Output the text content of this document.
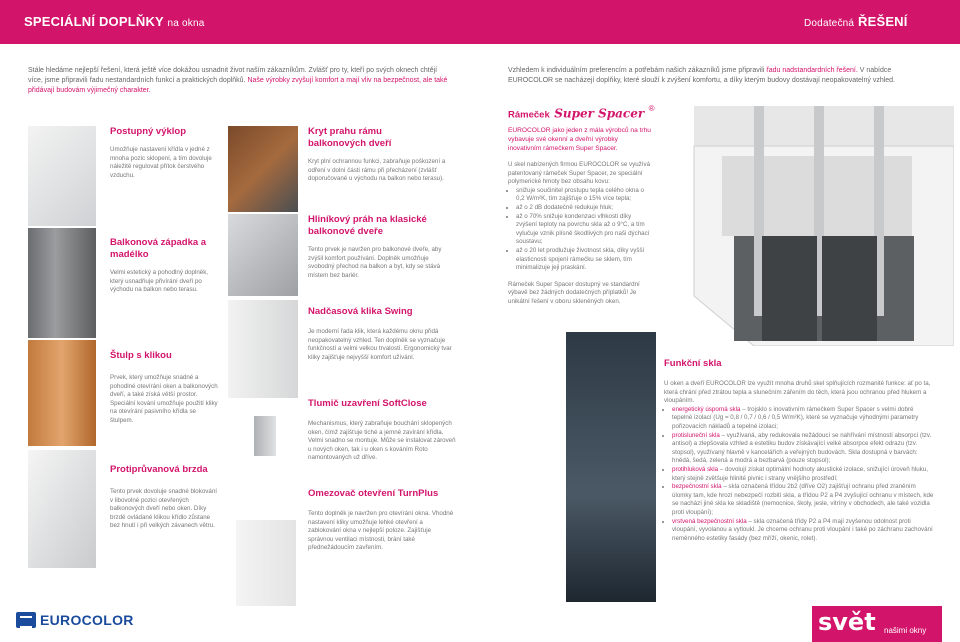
SPECIÁLNÍ DOPLŇKY na okna	Dodatečná ŘEŠENÍ
Stále hledáme nejlepší řešení, která ještě více dokážou usnadnit život naším zákazníkům. Zvlášť pro ty, kteří po svých oknech chtějí více, jsme připravili řadu nestandardních funkcí a praktických doplňků. Naše výrobky zvyšují komfort a mají vliv na bezpečnost, ale také přidávají budovám výjimečný charakter.
Vzhledem k individuálním preferencím a potřebám našich zákazníků jsme připravili řadu nadstandardních řešení. V nabídce EUROCOLOR se nacházejí doplňky, které slouží k zvýšení komfortu, a díky kterým budovy dostávají neopakovatelný vzhled.
Postupný výklop
Umožňuje nastavení křídla v jedné z mnoha pozic sklopení, a tím dovoluje náležitě regulovat přítok čerstvého vzduchu.
Balkonová západka a madélko
Velmi estetický a pohodlný doplněk, který usnadňuje přivírání dveří po východu na balkon nebo terasu.
Štulp s klikou
Prvek, který umožňuje snadné a pohodlné otevírání oken a balkonových dveří, a také získá větší prostor. Speciální kování umožňuje použití kliky na otevírání pasivního křídla se štulpem.
Protiprůvanová brzda
Tento prvek dovoluje snadné blokování v libovolné pozici otevřených balkonových dveří nebo oken. Díky brzdě ovládané klikou křídlo zůstane bez hnutí i při velkých závanech větru.
Kryt prahu rámu balkonových dveří
Kryt plní ochrannou funkci, zabraňuje poškození a odření v dolní části rámu při přecházení (zvlášť doporučované u východu na balkon nebo terasu).
Hliníkový práh na klasické balkonové dveře
Tento prvek je navržen pro balkonové dveře, aby zvýšil komfort používání. Doplněk umožňuje svobodný přechod na balkon a byt, kdy se stává místem bez bariér.
Nadčasová klika Swing
Je moderní řada klik, která každému oknu přidá neopakovatelný vzhled. Ten doplněk se vyznačuje funkčností a velmi velkou trvalostí. Ergonomický tvar kliky zajišťuje nejvyšší komfort užívání.
Tlumič uzavření SoftClose
Mechanismus, který zabraňuje bouchání sklopených oken, čímž zajišťuje tiché a jemné zavírání křídla. Velmi snadno se montuje. Může se instalovat zároveň u nových oken, tak i u oken s kováním Roto namontovaných už dříve.
Omezovač otevření TurnPlus
Tento doplněk je navržen pro otevírání okna. Vhodné nastavení kliky umožňuje lehké otevření a zablokování okna v nejlepší poloze. Zajišťuje správnou ventilaci místnosti, brání také přednežádoucím zavřením.
Rámeček Super Spacer ®
EUROCOLOR jako jeden z mála výrobců na trhu vybavuje své okenní a dveřní výrobky inovativním rámečkem Super Spacer.
U skel nabízených firmou EUROCOLOR se využívá patentovaný rámeček Super Spacer, ze speciální polymerické hmoty bez obsahu kovu:
• snižuje součinitel prostupu tepla celého okna o 0,2 W/m²K, tím zajišťuje o 15% více tepla;
• až o 2 dB dodatečně redukuje hluk;
• až o 70% snižuje kondenzaci vlhkosti díky zvýšení teploty na povrchu skla až o 9°C, a tím vylučuje vznik plísně škodlivých pro naši dýchací soustavu;
• až o 20 let prodlužuje životnost skla, díky vyšší elasticnosti spojení rámečku se sklem, tím minimalizuje jeji praskání.
Rámeček Super Spacer dostupný ve standardní výbavě bez žádných dodatečných příplatků! Je unikátní řešení v oboru skleněných oken.
Funkční skla
U oken a dveří EUROCOLOR lze využít mnoha druhů skel splňujících rozmanité funkce: ať po ta, která chrání před ztrátou tepla a slunečním zářením do těch, která jsou ochranou před hlukem a vloupáním.
• energetický úsporná skla – trojsklo s inovativním rámečkem Super Spacer s velmi dobré tepelné izolací (Ug = 0,8 / 0,7 / 0,6 / 0,5 W/m²K), které se vyznačuje výhodnými parametry pořizovacích nákladů a tepelné izolaci;
• protisluneční skla – využívaná, aby redukovala nežádoucí se nahřívání místností absorpcí (tzv. antisol) a zlepšovala vzhled a estetiku budov získávající velké absorpce efekt odrazu (tzv. stopsol), využívaný hlavně v kancelářích a veřejných budovách. Skla dostupná v barvách: hnědá, šedá, zelená a modrá a bezbarvá (pouze stopsol);
• protihluková skla – dovolují získat optimální hodnoty akustické izolace, snižující úroveň hluku, který stejně zvětšuje hlinité pivnic i strany vnějšího prostředí;
• bezpečnostní skla – skla označená třídou 2b2 (dříve O2) zajišťují ochranu před zraněním úlomky tam, kde hrozí nebezpečí rozbití skla, a třídou P2 a P4 zvyšující ochranu v místech, kde se nachází jiné skla ke skladiště (nemocnice, školy, jesle, vitríny v obchodech, ale také vozidla proti vloupání);
• vrstvená bezpečnostní skla – skla označená třídy P2 a P4 mají zvyšenou odolnost proti vloupání, vyvolanou a vytloukl. Je chceme ochranu proti vloupání i také po záchranu zachování neměnného estetiky fasády (bez mříží, okenic, rolet).
EUROCOLOR	svět našimi okny
